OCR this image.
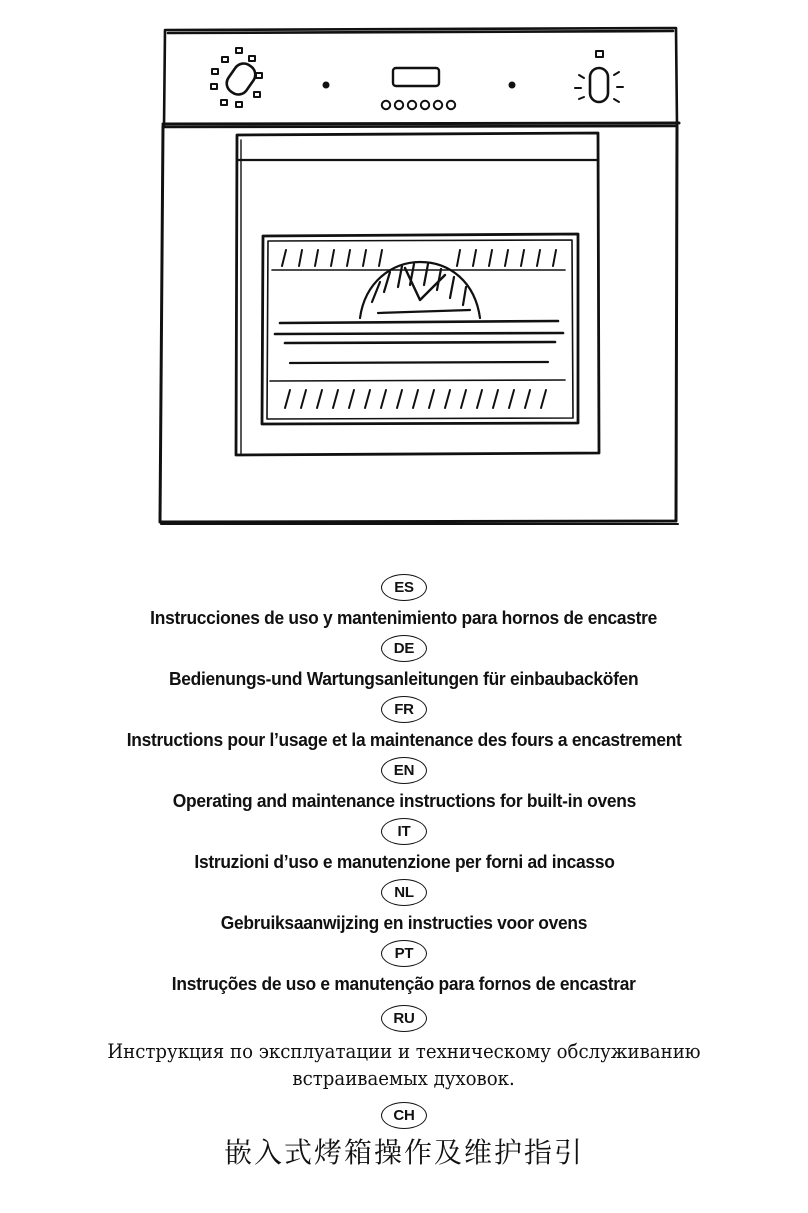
ES
Instrucciones de uso y mantenimiento para hornos de encastre
DE
Bedienungs-und Wartungsanleitungen für einbaubacköfen
FR
Instructions pour l’usage et la maintenance des fours a encastrement
EN
Operating and maintenance instructions for built-in ovens
IT
Istruzioni d’uso e manutenzione per forni ad incasso
NL
Gebruiksaanwijzing en instructies voor ovens
PT
Instruções de uso e manutenção para fornos de encastrar
RU
Инструкция по эксплуатации и техническому обслуживанию
встраиваемых духовок.
CH
嵌入式烤箱操作及维护指引
